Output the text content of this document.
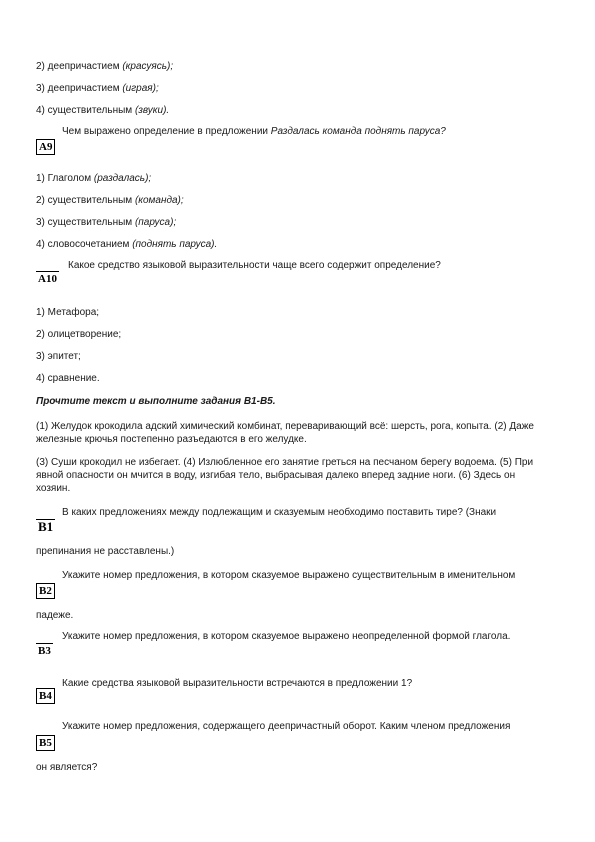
2) деепричастием (красуясь);
3) деепричастием (играя);
4) существительным (звуки).
А9
Чем выражено определение в предложении Раздалась команда поднять паруса?
1) Глаголом (раздалась);
2) существительным (команда);
3) существительным (паруса);
4) словосочетанием (поднять паруса).
А10
Какое средство языковой выразительности чаще всего содержит определение?
1) Метафора;
2) олицетворение;
3) эпитет;
4) сравнение.
Прочтите текст и выполните задания В1-В5.
(1) Желудок крокодила адский химический комбинат, переваривающий всё: шерсть, рога, копыта. (2) Даже железные крючья постепенно разъедаются в его желудке.
(3) Суши крокодил не избегает. (4) Излюбленное его занятие греться на песчаном берегу водоема. (5) При явной опасности он мчится в воду, изгибая тело, выбрасывая далеко вперед задние ноги. (6) Здесь он хозяин.
В1
В каких предложениях между подлежащим и сказуемым необходимо поставить тире? (Знаки
препинания не расставлены.)
В2
Укажите номер предложения, в котором сказуемое выражено существительным в именительном
падеже.
В3
Укажите номер предложения, в котором сказуемое выражено неопределенной формой глагола.
В4
Какие средства языковой выразительности встречаются в предложении 1?
В5
Укажите номер предложения, содержащего деепричастный оборот. Каким членом предложения
он является?
